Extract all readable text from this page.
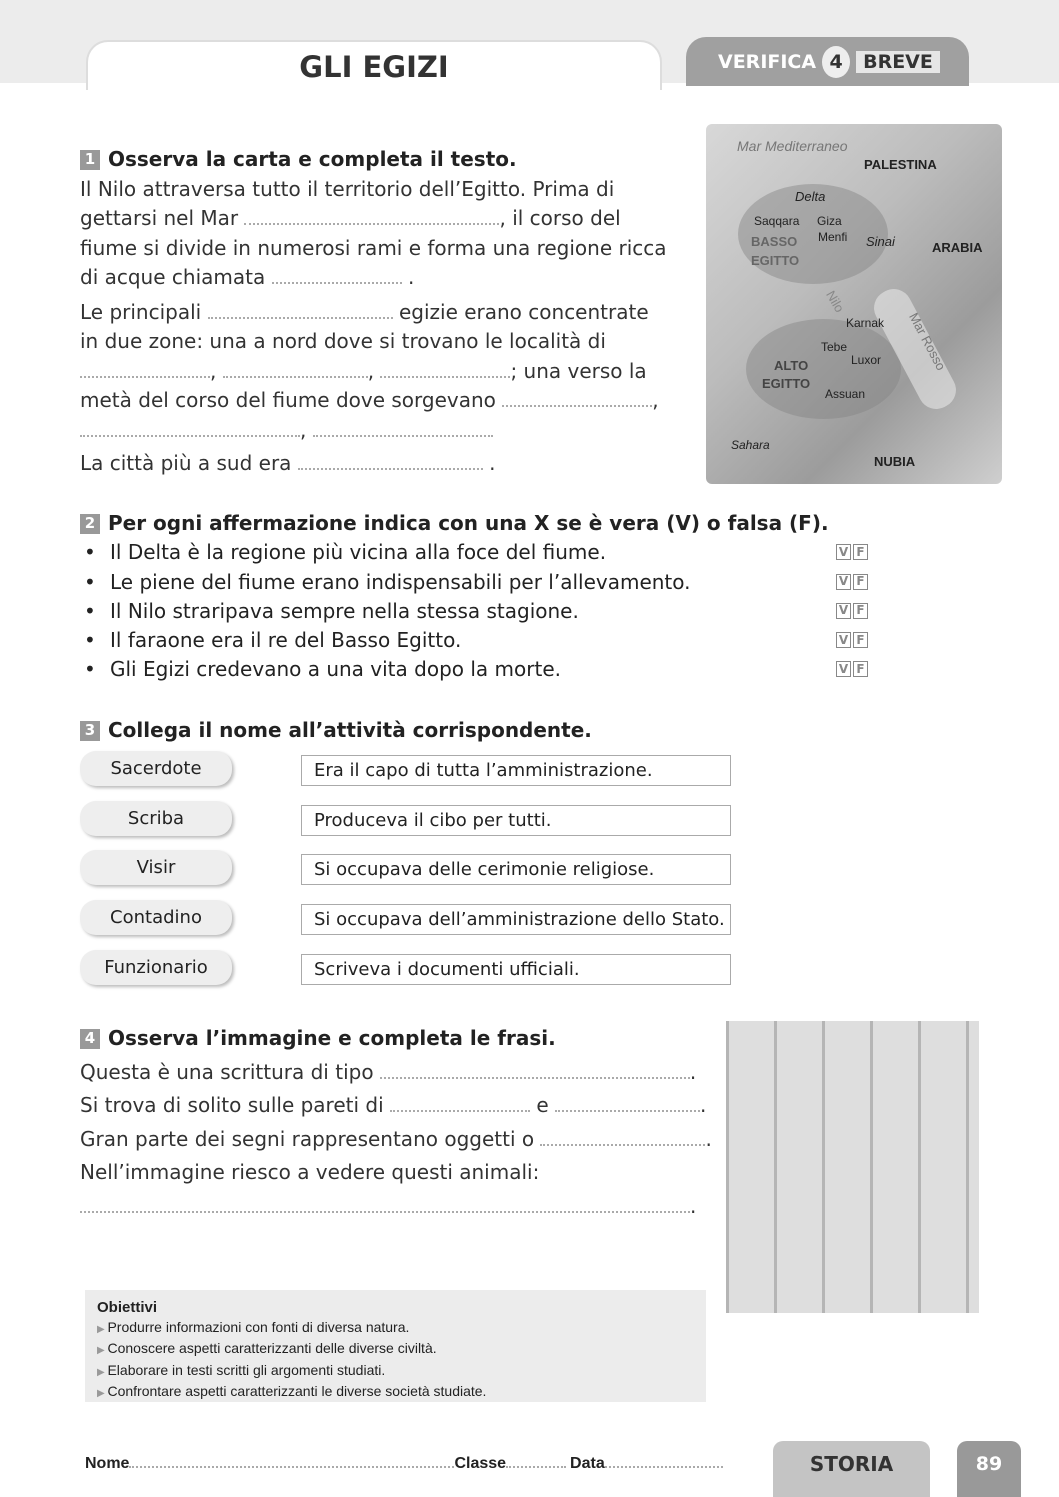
GLI EGIZI	VERIFICA 4	BREVE
1 Osserva la carta e completa il testo.
Il Nilo attraversa tutto il territorio dell’Egitto. Prima di
gettarsi nel Mar	, il corso del
fiume si divide in numerosi rami e forma una regione ricca
di acque chiamata	.
Le principali	egizie erano concentrate
in due zone: una a nord dove si trovano le località di
,	,	; una verso la
metà del corso del fiume dove sorgevano	,
,
La città più a sud era	.
Mar Mediterraneo
PALESTINA
Delta
Saqqara Giza
Menfi
BASSO
EGITTO
Sinai	ARABIA
Nilo
Karnak Mar Rosso
Tebe
Luxor
ALTO
EGITTO
Assuan
Sahara
NUBIA
2 Per ogni affermazione indica con una X se è vera (V) o falsa (F).
• Il Delta è la regione più vicina alla foce del fiume.	V F
• Le piene del fiume erano indispensabili per l’allevamento.	V F
• Il Nilo straripava sempre nella stessa stagione.	V F
• Il faraone era il re del Basso Egitto.	V F
• Gli Egizi credevano a una vita dopo la morte.	V F
3 Collega il nome all’attività corrispondente.
Sacerdote	Era il capo di tutta l’amministrazione.
Scriba	Produceva il cibo per tutti.
Visir	Si occupava delle cerimonie religiose.
Contadino	Si occupava dell’amministrazione dello Stato.
Funzionario	Scriveva i documenti ufficiali.
4 Osserva l’immagine e completa le frasi.
Questa è una scrittura di tipo	.
Si trova di solito sulle pareti di	e	.
Gran parte dei segni rappresentano oggetti o	.
Nell’immagine riesco a vedere questi animali:
.
Obiettivi
▶ Produrre informazioni con fonti di diversa natura.
▶ Conoscere aspetti caratterizzanti delle diverse civiltà.
▶ Elaborare in testi scritti gli argomenti studiati.
▶ Confrontare aspetti caratterizzanti le diverse società studiate.
Nome	Classe	Data	STORIA	89
